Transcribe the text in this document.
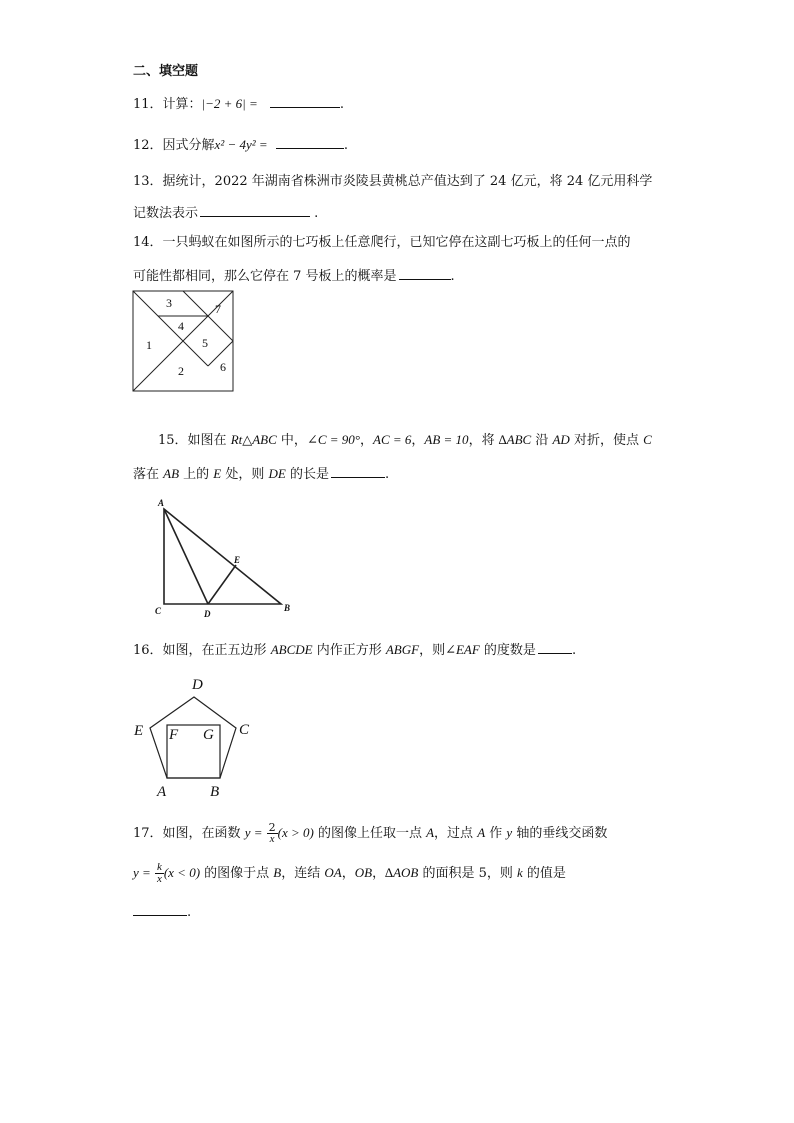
二、填空题
11．计算：|−2 + 6| =	.
12．因式分解x² − 4y² =	.
13．据统计，2022 年湖南省株洲市炎陵县黄桃总产值达到了 24 亿元，将 24 亿元用科学
记数法表示	.
14．一只蚂蚁在如图所示的七巧板上任意爬行，已知它停在这副七巧板上的任何一点的
可能性都相同，那么它停在 7 号板上的概率是	.
3	7
4
1	5
6
2
15．如图在 Rt△ABC 中，∠C = 90°，AC = 6，AB = 10，将 ∆ABC 沿 AD 对折，使点 C
落在 AB 上的 E 处，则 DE 的长是	.
A
E
C	D
B
16．如图，在正五边形 ABCDE 内作正方形 ABGF，则∠EAF 的度数是	.
D
E	C
F G
A	B
17．如图，在函数 $y = \frac{2}{x} (x > 0)$ 的图像上任取一点 A，过点 A 作 y 轴的垂线交函数
$y = \frac{k}{x} (x < 0)$ 的图像于点 B，连结 OA，OB，∆AOB 的面积是 5，则 k 的值是
.
